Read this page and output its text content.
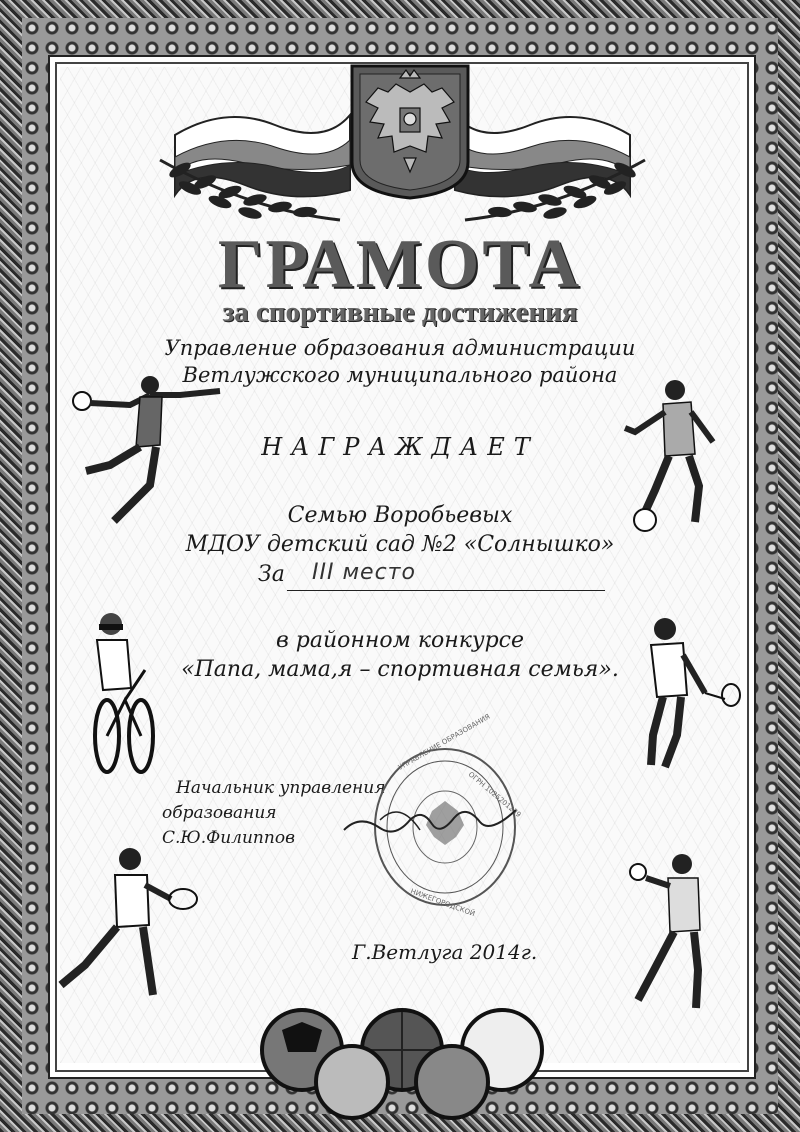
ГРАМОТА
за спортивные достижения
Управление образования администрации
Ветлужского муниципального района
НАГРАЖДАЕТ
Семью Воробьевых
МДОУ детский сад №2 «Солнышко»
За III место
в районном конкурсе
«Папа, мама,я – спортивная семья».
Начальник управления
образования
С.Ю.Филиппов
УПРАВЛЕНИЕ ОБРАЗОВАНИЯ
ОГРН 1025201239
НИЖЕГОРОДСКОЙ
Г.Ветлуга 2014г.
